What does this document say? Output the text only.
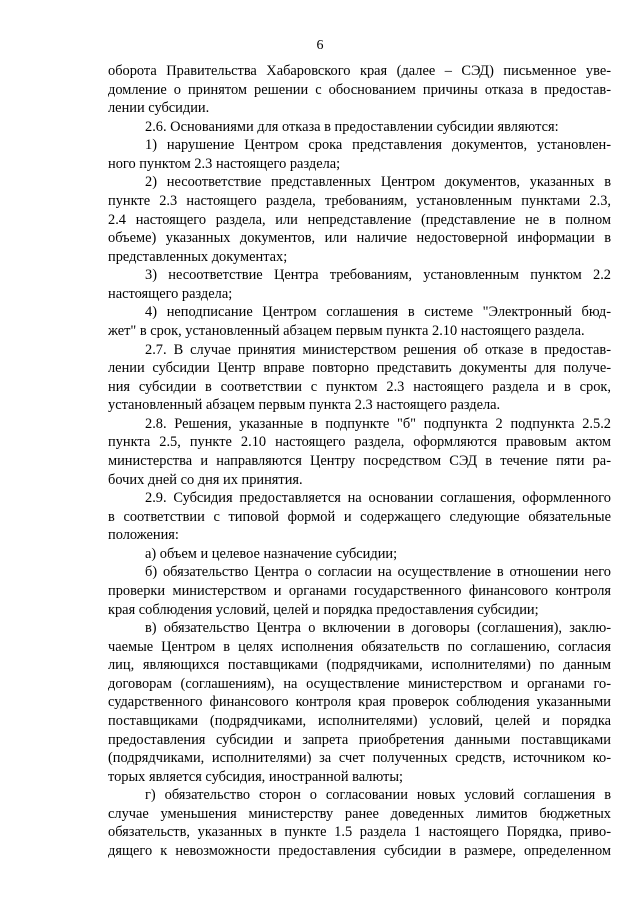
6
оборота Правительства Хабаровского края (далее – СЭД) письменное уве-
домление о принятом решении с обоснованием причины отказа в предостав-
лении субсидии.
2.6. Основаниями для отказа в предоставлении субсидии являются:
1) нарушение Центром срока представления документов, установлен-
ного пунктом 2.3 настоящего раздела;
2) несоответствие представленных Центром документов, указанных в
пункте 2.3 настоящего раздела, требованиям, установленным пунктами 2.3,
2.4 настоящего раздела, или непредставление (представление не в полном
объеме) указанных документов, или наличие недостоверной информации в
представленных документах;
3) несоответствие Центра требованиям, установленным пунктом 2.2
настоящего раздела;
4) неподписание Центром соглашения в системе "Электронный бюд-
жет" в срок, установленный абзацем первым пункта 2.10 настоящего раздела.
2.7. В случае принятия министерством решения об отказе в предостав-
лении субсидии Центр вправе повторно представить документы для получе-
ния субсидии в соответствии с пунктом 2.3 настоящего раздела и в срок,
установленный абзацем первым пункта 2.3 настоящего раздела.
2.8. Решения, указанные в подпункте "б" подпункта 2 подпункта 2.5.2
пункта 2.5, пункте 2.10 настоящего раздела, оформляются правовым актом
министерства и направляются Центру посредством СЭД в течение пяти ра-
бочих дней со дня их принятия.
2.9. Субсидия предоставляется на основании соглашения, оформленного
в соответствии с типовой формой и содержащего следующие обязательные
положения:
а) объем и целевое назначение субсидии;
б) обязательство Центра о согласии на осуществление в отношении него
проверки министерством и органами государственного финансового контроля
края соблюдения условий, целей и порядка предоставления субсидии;
в) обязательство Центра о включении в договоры (соглашения), заклю-
чаемые Центром в целях исполнения обязательств по соглашению, согласия
лиц, являющихся поставщиками (подрядчиками, исполнителями) по данным
договорам (соглашениям), на осуществление министерством и органами го-
сударственного финансового контроля края проверок соблюдения указанными
поставщиками (подрядчиками, исполнителями) условий, целей и порядка
предоставления субсидии и запрета приобретения данными поставщиками
(подрядчиками, исполнителями) за счет полученных средств, источником ко-
торых является субсидия, иностранной валюты;
г) обязательство сторон о согласовании новых условий соглашения в
случае уменьшения министерству ранее доведенных лимитов бюджетных
обязательств, указанных в пункте 1.5 раздела 1 настоящего Порядка, приво-
дящего к невозможности предоставления субсидии в размере, определенном
